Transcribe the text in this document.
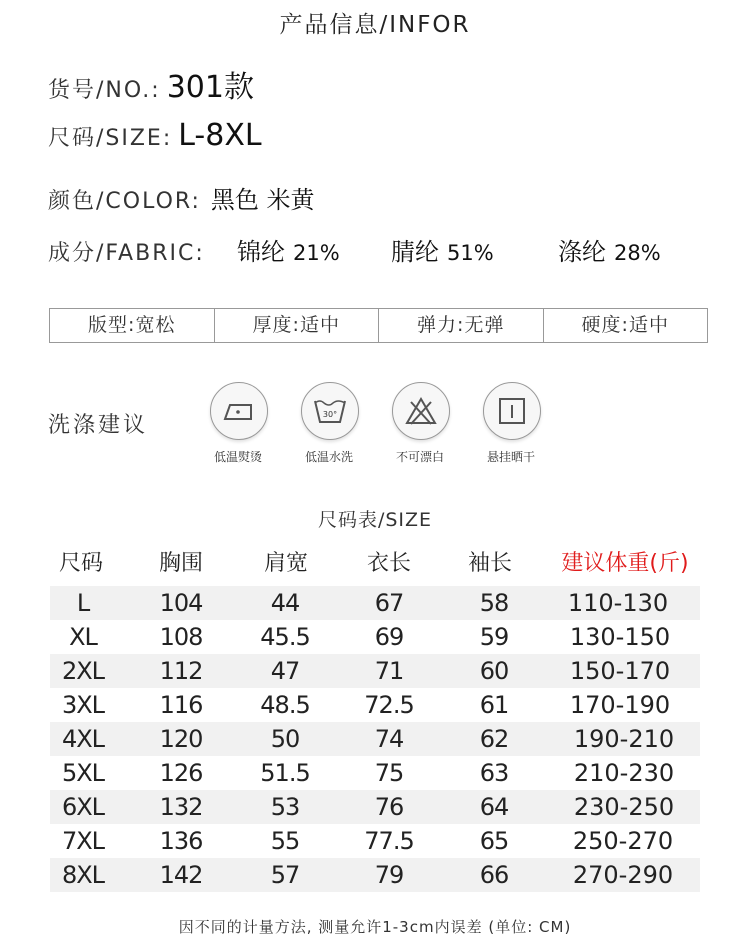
产品信息/INFOR
货号/NO.: 301款
尺码/SIZE: L-8XL
颜色/COLOR: 黑色 米黄
成分/FABRIC: 锦纶 21% 腈纶 51%	涤纶 28%
版型:宽松	厚度:适中	弹力:无弹	硬度:适中
洗涤建议
低温熨烫
30°
低温水洗	不可漂白	悬挂晒干
尺码表/SIZE
尺码	胸围	肩宽	衣长	袖长 建议体重(斤)
L	104	44	67	58 110-130
XL	108 45.5	69	59	130-150
2XL 112	47	71	60	150-170
3XL 116 48.5 72.5	61	170-190
4XL 120	50	74	62	190-210
5XL 126 51.5	75	63	210-230
6XL 132	53	76	64	230-250
7XL 136	55	77.5	65	250-270
8XL 142	57	79	66	270-290
因不同的计量方法, 测量允许1-3cm内误差 (单位: CM)
